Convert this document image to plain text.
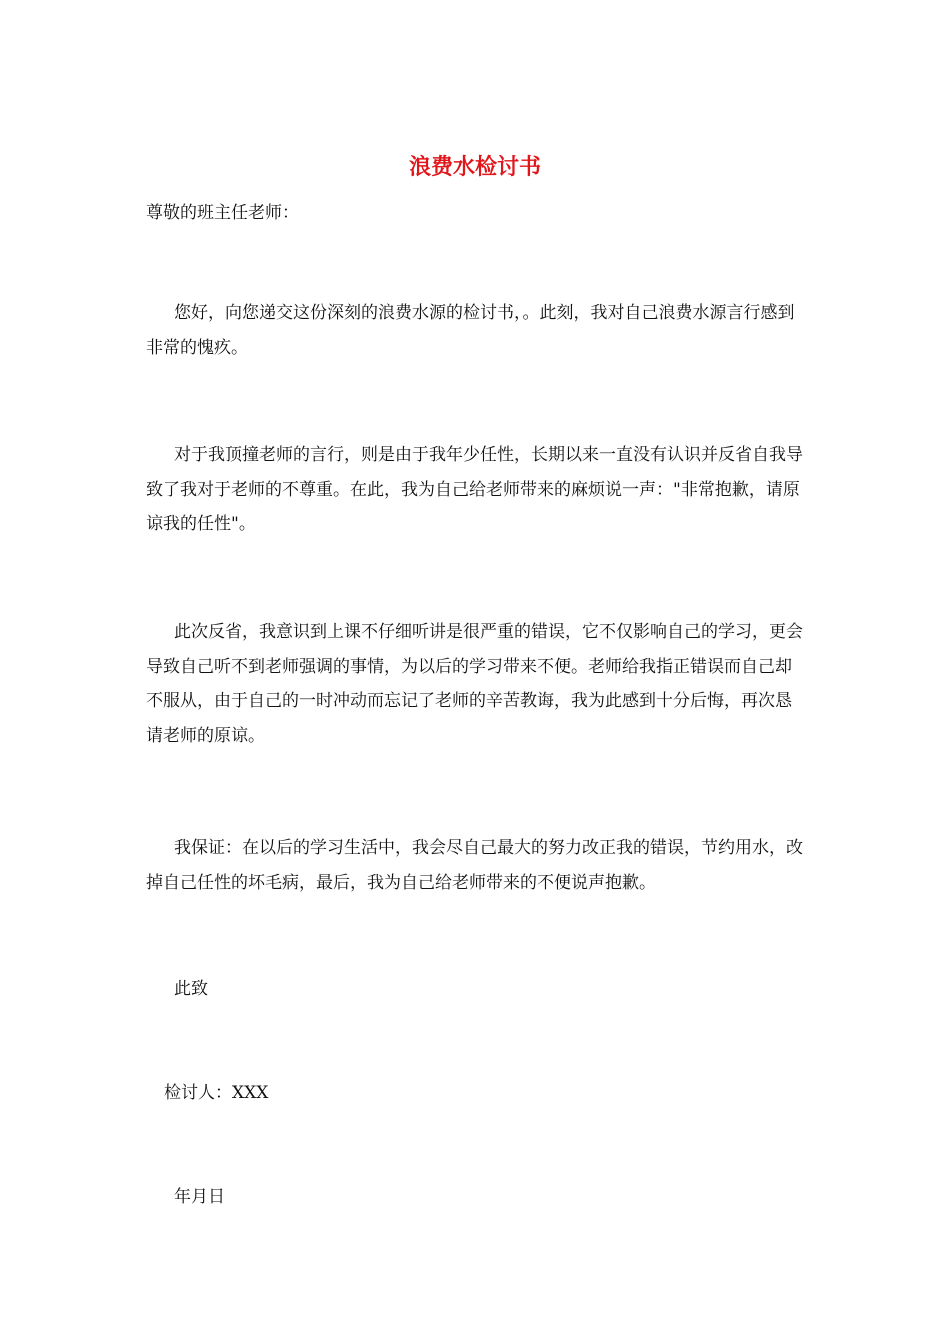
浪费水检讨书

尊敬的班主任老师：

您好，向您递交这份深刻的浪费水源的检讨书，。此刻，我对自己浪费水源言行感到非常的愧疚。

对于我顶撞老师的言行，则是由于我年少任性，长期以来一直没有认识并反省自我导致了我对于老师的不尊重。在此，我为自己给老师带来的麻烦说一声："非常抱歉，请原谅我的任性"。

此次反省，我意识到上课不仔细听讲是很严重的错误，它不仅影响自己的学习，更会导致自己听不到老师强调的事情，为以后的学习带来不便。老师给我指正错误而自己却不服从，由于自己的一时冲动而忘记了老师的辛苦教诲，我为此感到十分后悔，再次恳请老师的原谅。

我保证：在以后的学习生活中，我会尽自己最大的努力改正我的错误，节约用水，改掉自己任性的坏毛病，最后，我为自己给老师带来的不便说声抱歉。

此致

检讨人：XXX

年月日
